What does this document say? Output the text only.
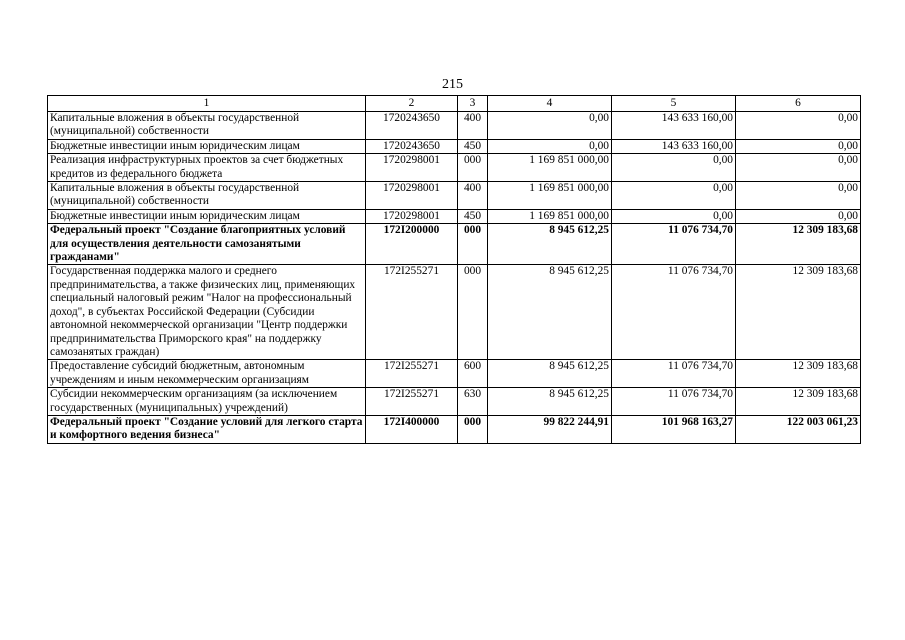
215
1	2	3	4	5	6
Капитальные вложения в объекты государственной (муниципальной) собственности	1720243650	400	0,00	143 633 160,00	0,00
Бюджетные инвестиции иным юридическим лицам	1720243650	450	0,00	143 633 160,00	0,00
Реализация инфраструктурных проектов за счет бюджетных кредитов из федерального бюджета	1720298001	000	1 169 851 000,00	0,00	0,00
Капитальные вложения в объекты государственной (муниципальной) собственности	1720298001	400	1 169 851 000,00	0,00	0,00
Бюджетные инвестиции иным юридическим лицам	1720298001	450	1 169 851 000,00	0,00	0,00
Федеральный проект "Создание благоприятных условий для осуществления деятельности самозанятыми гражданами"	172I200000	000	8 945 612,25	11 076 734,70	12 309 183,68
Государственная поддержка малого и среднего предпринимательства, а также физических лиц, применяющих специальный налоговый режим "Налог на профессиональный доход", в субъектах Российской Федерации (Субсидии автономной некоммерческой организации "Центр поддержки предпринимательства Приморского края" на поддержку самозанятых граждан)	172I255271	000	8 945 612,25	11 076 734,70	12 309 183,68
Предоставление субсидий бюджетным, автономным учреждениям и иным некоммерческим организациям	172I255271	600	8 945 612,25	11 076 734,70	12 309 183,68
Субсидии некоммерческим организациям (за исключением государственных (муниципальных) учреждений)	172I255271	630	8 945 612,25	11 076 734,70	12 309 183,68
Федеральный проект "Создание условий для легкого старта и комфортного ведения бизнеса"	172I400000	000	99 822 244,91	101 968 163,27	122 003 061,23
